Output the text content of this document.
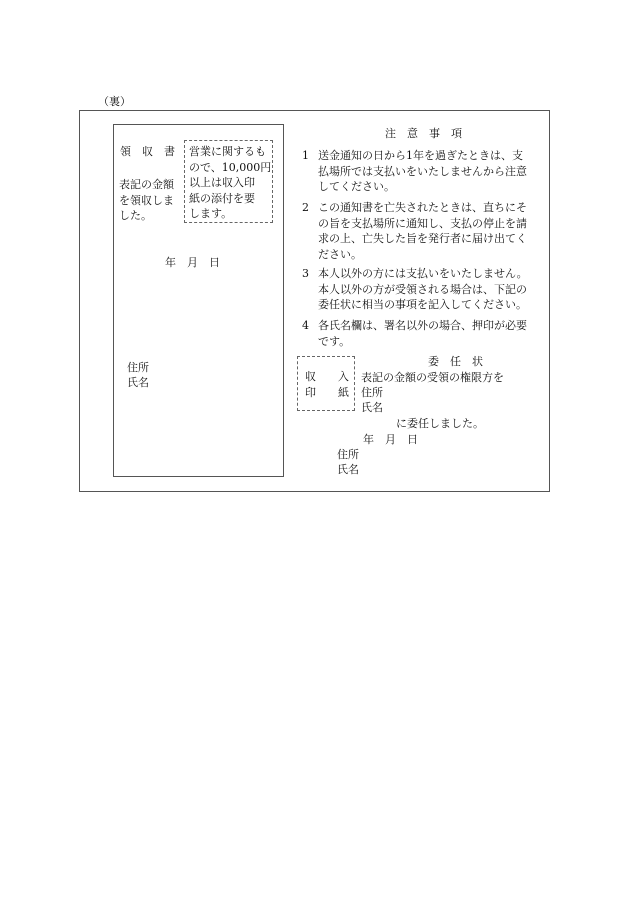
（裏）
領　収　書
表記の金額
を領収しま
した。
営業に関するも
ので、10,000円
以上は収入印
紙の添付を要
します。
年　月　日
住所
氏名
注　意　事　項
1 送金通知の日から1年を過ぎたときは、支
払場所では支払いをいたしませんから注意
してください。
2 この通知書を亡失されたときは、直ちにそ
の旨を支払場所に通知し、支払の停止を請
求の上、亡失した旨を発行者に届け出てく
ださい。
3 本人以外の方には支払いをいたしません。
本人以外の方が受領される場合は、下記の
委任状に相当の事項を記入してください。
4 各氏名欄は、署名以外の場合、押印が必要
です。
収　　入
印　　紙
委　任　状
表記の金額の受領の権限方を
住所
氏名
に委任しました。
年　月　日
住所
氏名
